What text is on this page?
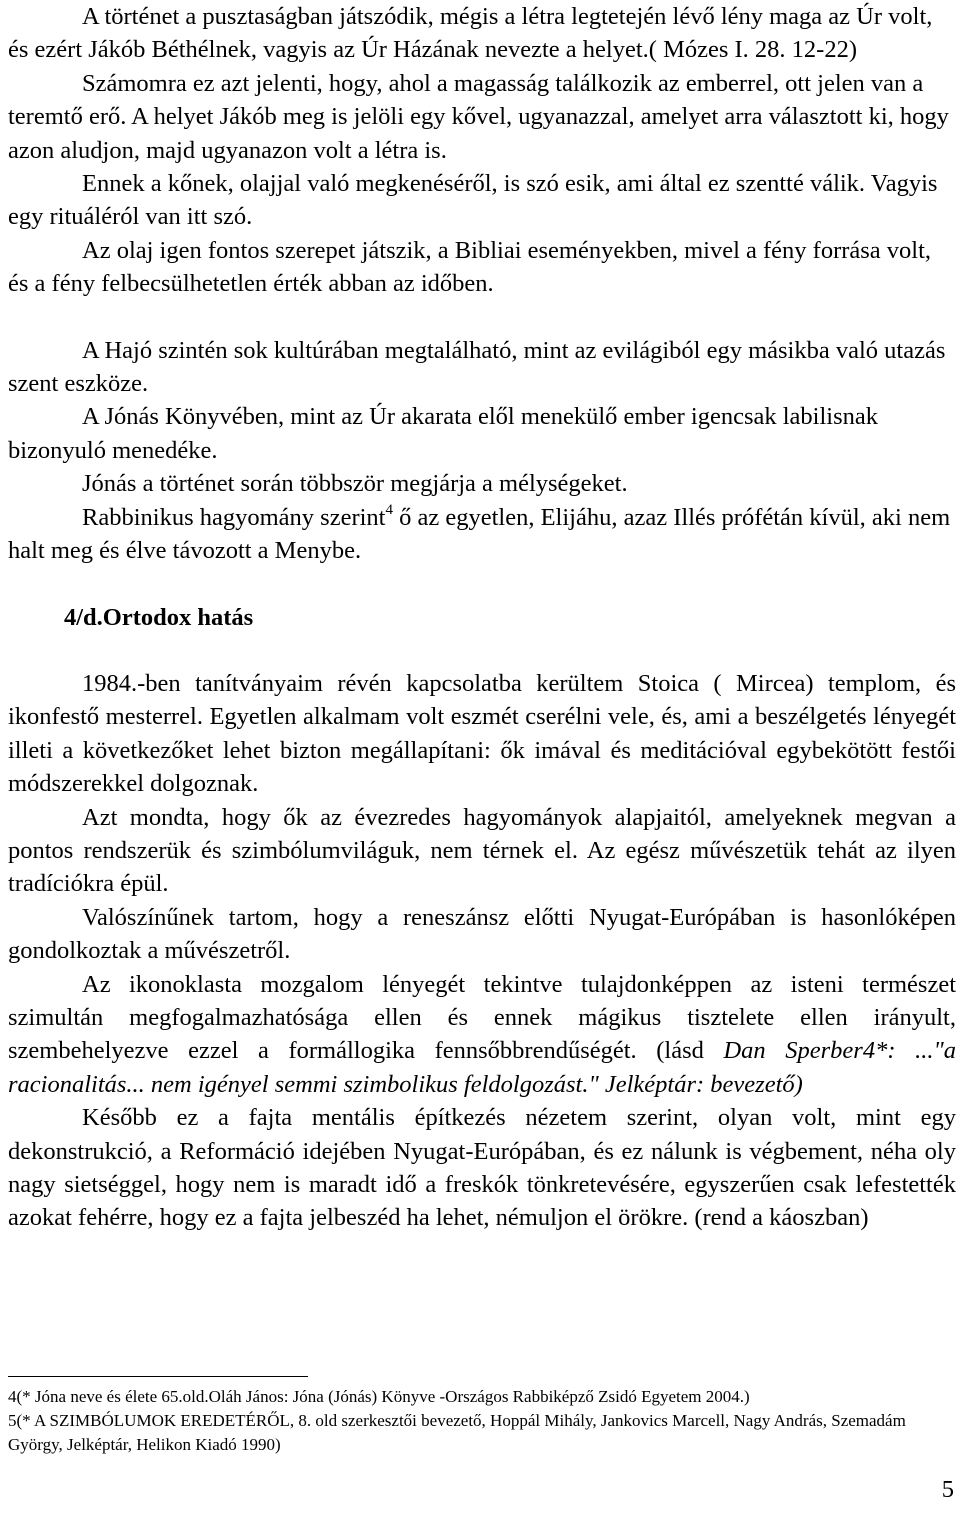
A történet a pusztaságban játszódik, mégis a létra legtetején lévő lény maga az Úr volt, és ezért Jákób Béthélnek, vagyis az Úr Házának nevezte a helyet.( Mózes I. 28. 12-22)

Számomra ez azt jelenti, hogy, ahol a magasság találkozik az emberrel, ott jelen van a teremtő erő. A helyet Jákób meg is jelöli egy kővel, ugyanazzal, amelyet arra választott ki, hogy azon aludjon, majd ugyanazon volt a létra is.

Ennek a kőnek, olajjal való megkenéséről, is szó esik, ami által ez szentté válik. Vagyis egy rituáléról van itt szó.

Az olaj igen fontos szerepet játszik, a Bibliai eseményekben, mivel a fény forrása volt, és a fény felbecsülhetetlen érték abban az időben.

A Hajó szintén sok kultúrában megtalálható, mint az evilágiból egy másikba való utazás szent eszköze.

A Jónás Könyvében, mint az Úr akarata elől menekülő ember igencsak labilisnak bizonyuló menedéke.

Jónás a történet során többször megjárja a mélységeket.

Rabbinikus hagyomány szerint$^4$ ő az egyetlen, Elijáhu, azaz Illés prófétán kívül, aki nem halt meg és élve távozott a Menybe.

4/d.Ortodox hatás

1984.-ben tanítványaim révén kapcsolatba kerültem Stoica ( Mircea) templom, és ikonfestő mesterrel. Egyetlen alkalmam volt eszmét cserélni vele, és, ami a beszélgetés lényegét illeti a következőket lehet bizton megállapítani: ők imával és meditációval egybekötött festői módszerekkel dolgoznak.

Azt mondta, hogy ők az évezredes hagyományok alapjaitól, amelyeknek megvan a pontos rendszerük és szimbólumviláguk, nem térnek el. Az egész művészetük tehát az ilyen tradíciókra épül.

Valószínűnek tartom, hogy a reneszánsz előtti Nyugat-Európában is hasonlóképen gondolkoztak a művészetről.

Az ikonoklasta mozgalom lényegét tekintve tulajdonképpen az isteni természet szimultán megfogalmazhatósága ellen és ennek mágikus tisztelete ellen irányult, szembehelyezve ezzel a formállogika fennsőbbrendűségét. (lásd Dan Sperber4*: ..."a racionalitás... nem igényel semmi szimbolikus feldolgozást." Jelképtár: bevezető)

Később ez a fajta mentális építkezés nézetem szerint, olyan volt, mint egy dekonstrukció, a Reformáció idejében Nyugat-Európában, és ez nálunk is végbement, néha oly nagy sietséggel, hogy nem is maradt idő a freskók tönkretevésére, egyszerűen csak lefestették azokat fehérre, hogy ez a fajta jelbeszéd ha lehet, némuljon el örökre. (rend a káoszban)

4(* Jóna neve és élete 65.old.Oláh János: Jóna (Jónás) Könyve -Országos Rabbiképző Zsidó Egyetem 2004.)

5(* A SZIMBÓLUMOK EREDETÉRŐL, 8. old szerkesztői bevezető, Hoppál Mihály, Jankovics Marcell, Nagy András, Szemadám György, Jelképtár, Helikon Kiadó 1990)

5
